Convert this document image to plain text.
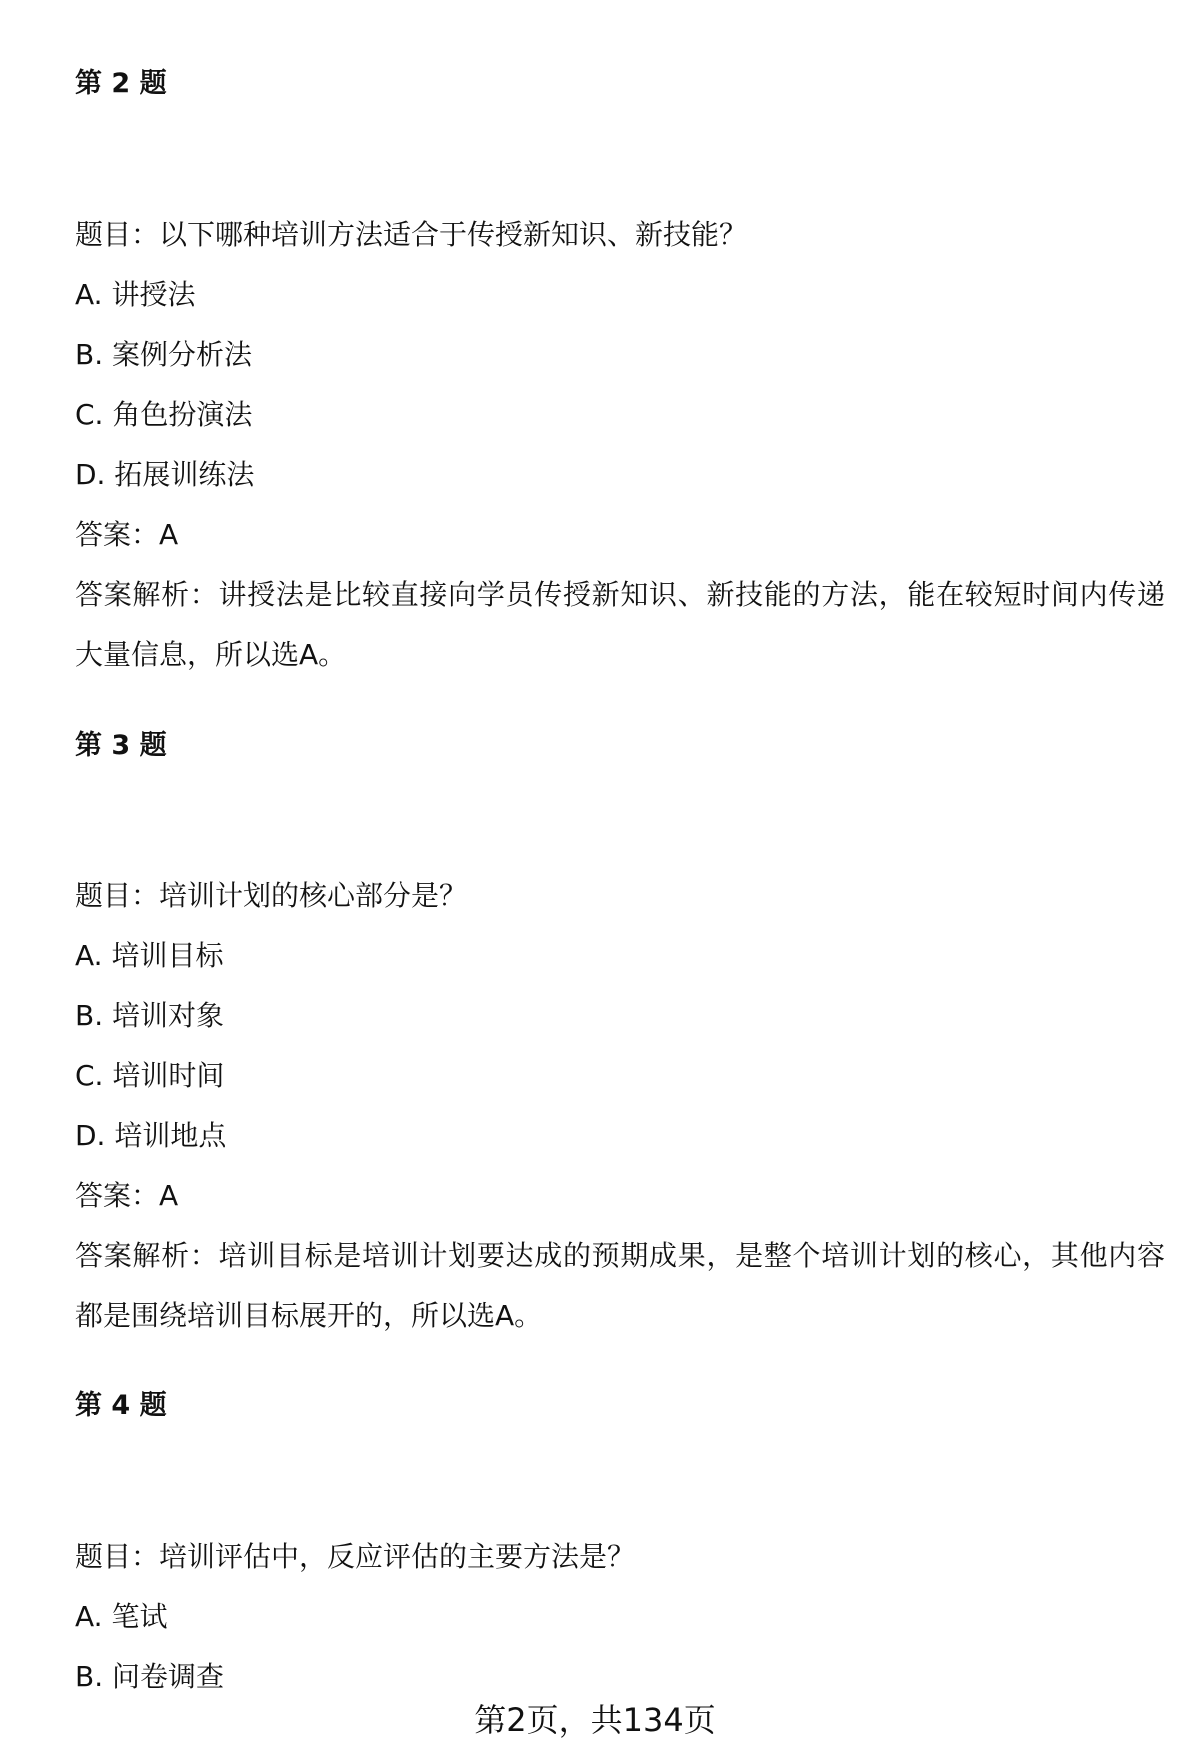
第 2 题
题目：以下哪种培训方法适合于传授新知识、新技能？
A. 讲授法
B. 案例分析法
C. 角色扮演法
D. 拓展训练法
答案：A
答案解析：讲授法是比较直接向学员传授新知识、新技能的方法，能在较短时间内传递大量信息，所以选A。
第 3 题
题目：培训计划的核心部分是？
A. 培训目标
B. 培训对象
C. 培训时间
D. 培训地点
答案：A
答案解析：培训目标是培训计划要达成的预期成果，是整个培训计划的核心，其他内容都是围绕培训目标展开的，所以选A。
第 4 题
题目：培训评估中，反应评估的主要方法是？
A. 笔试
B. 问卷调查
第2页，共134页
